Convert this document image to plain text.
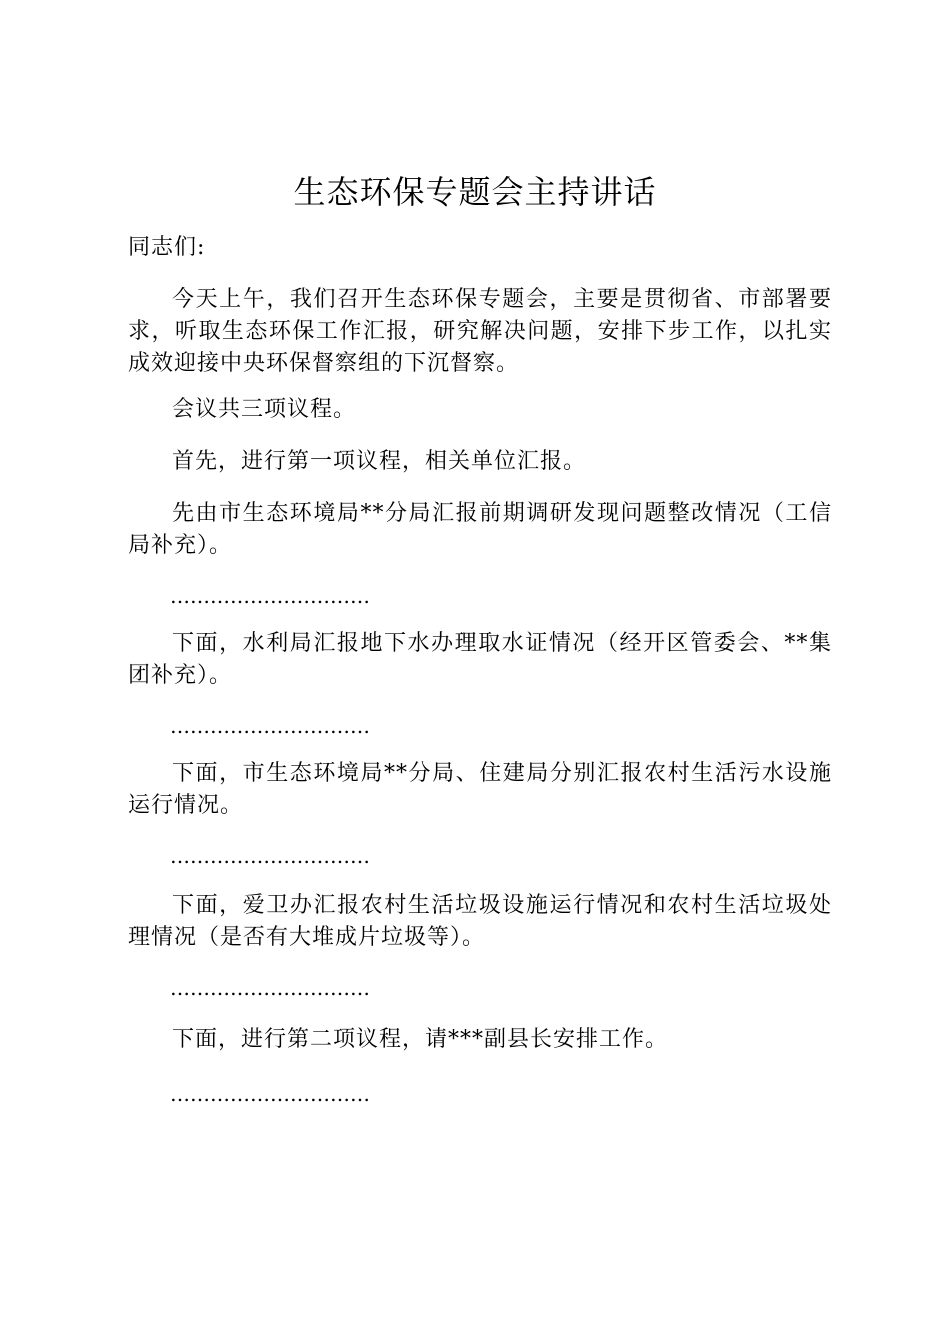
生态环保专题会主持讲话
同志们:
今天上午，我们召开生态环保专题会，主要是贯彻省、市部署要求，听取生态环保工作汇报，研究解决问题，安排下步工作，以扎实成效迎接中央环保督察组的下沉督察。
会议共三项议程。
首先，进行第一项议程，相关单位汇报。
先由市生态环境局**分局汇报前期调研发现问题整改情况（工信局补充）。
…………………………
下面，水利局汇报地下水办理取水证情况（经开区管委会、**集团补充）。
…………………………
下面，市生态环境局**分局、住建局分别汇报农村生活污水设施运行情况。
…………………………
下面，爱卫办汇报农村生活垃圾设施运行情况和农村生活垃圾处理情况（是否有大堆成片垃圾等）。
…………………………
下面，进行第二项议程，请***副县长安排工作。
…………………………
